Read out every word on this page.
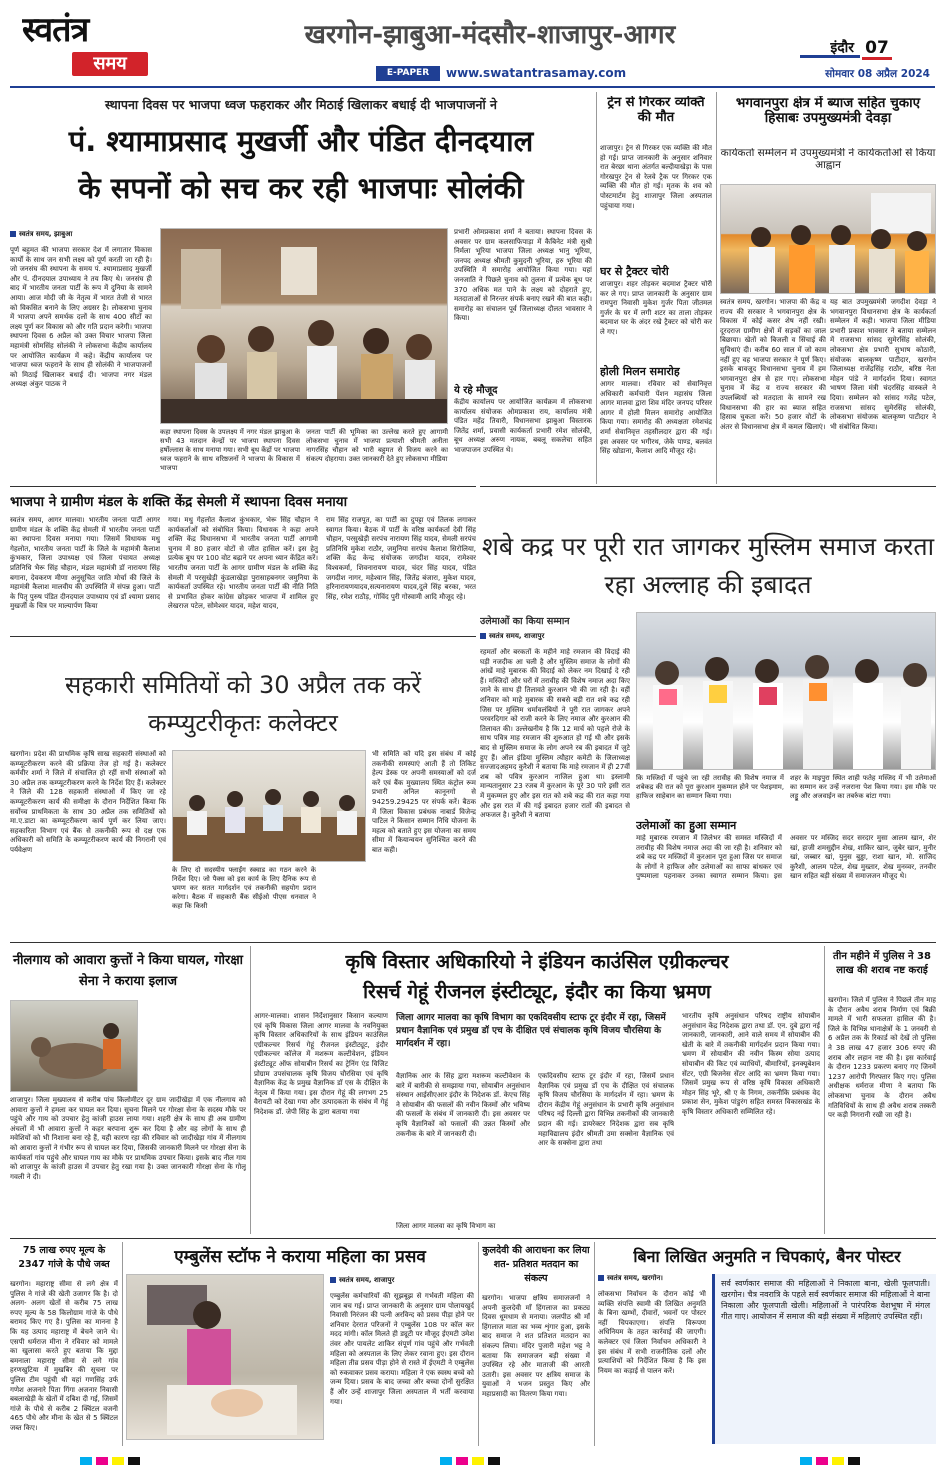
स्वतंत्र
समय
खरगोन-झाबुआ-मंदसौर-शाजापुर-आगर
E-PAPER	www.swatantrasamay.com
इंदौर 07
सोमवार 08 अप्रैल 2024
स्थापना दिवस पर भाजपा ध्वज फहराकर और मिठाई खिलाकर बधाई दी भाजपाजनों ने
पं. श्यामाप्रसाद मुखर्जी और पंडित दीनदयाल
के सपनों को सच कर रही भाजपाः सोलंकी
स्वतंत्र समय, झाबुआ
पूर्ण बहुमत की भाजपा सरकार देश में लगातार विकास कार्यों के साथ जन सभी लक्ष्य को पूर्ण करती जा रही है। जो जनसंघ की स्थापना के समय पं. श्यामाप्रसाद मुखर्जी और पं. दीनदयाल उपाध्याय ने तय किए थे। जनसंघ ही बाद में भारतीय जनता पार्टी के रूप में दुनिया के सामने आया। आज मोदी जी के नेतृत्व में भारत तेजी से भारत को विकसित बनाने के लिए अग्रसर है। लोकसभा चुनाव में भाजपा अपने समर्थक दलों के साथ 400 सीटों का लक्ष्य पूर्ण कर विकास को और गति प्रदान करेगी। भाजपा स्थापना दिवस 6 अप्रैल को उक्त विचार भाजपा जिला महामंत्री सोमसिंह सोलंकी ने लोकसभा केंद्रीय कार्यालय पर आयोजित कार्यक्रम में कहे। केंद्रीय कार्यालय पर भाजपा ध्वज फहराने के साथ ही सोलंकी ने भाजपाजनों को मिठाई खिलाकर बधाई दी। भाजपा नगर मंडल अध्यक्ष अंकुर पाठक ने
कहा स्थापना दिवस के उपलक्ष्य में नगर मंडल झाबुआ के सभी 43 मतदान केन्द्रों पर भाजपा स्थापना दिवस हर्षोल्लास के साथ मनाया गया। सभी बूथ केंद्रों पर भाजपा ध्वज फहराने के साथ वरिष्ठजनों ने भाजपा के विकास में भाजपा
जनता पार्टी की भूमिका का उल्लेख करते हुए आगामी लोकसभा चुनाव में भाजपा प्रत्याशी श्रीमती अनीता नागरसिंह चौहान को भारी बहुमत से विजय करने का संकल्प दोहराया। उक्त जानकारी देते हुए लोकसभा मीडिया
प्रभारी ओमप्रकाश शर्मा ने बताया। स्थापना दिवस के अवसर पर ग्राम कलसाफिपाड़ा में कैबिनेट मंत्री सुश्री निर्मला भूरिया भाजपा जिला अध्यक्ष भानु भूरिया, जनपद अध्यक्ष श्रीमती कुमुदनी भूरिया, हरु भूरिया की उपस्थिति में समारोह आयोजित किया गया। यहां जनजाति ने पिछले चुनाव को तुलना में प्रत्येक बूथ पर 370 अधिक मत पाने के लक्ष्य को दोहराते हुए, मतदाताओं से निरन्तर संपर्क बनाए रखने की बात कही। समारोह का संचालन पूर्व जिलाध्यक्ष दौलत भावसार ने किया।
ये रहे मौजूद
केंद्रीय कार्यालय पर आयोजित कार्यक्रम में लोकसभा कार्यालय संयोजक ओमप्रकाश राय, कार्यालय मंत्री पंडित महेंद्र तिवारी, विधानसभा झाबुआ विस्तारक जितेंद्र शर्मा, प्रवासी कार्यकर्ता प्रभारी रमेश सोलंकी, बूथ अध्यक्ष अरुण नायक, बबलू सकलेचा सहित भाजपाजन उपस्थित थे।
ट्रेन से गिरकर व्यक्ति की मौत
शाजापुर। ट्रेन से गिरकर एक व्यक्ति की मौत हो गई। प्राप्त जानकारी के अनुसार शनिवार रात बेरछा थाना अंतर्गत बल्दीयाखेड़ा के पास गोरखपुर ट्रेन से रेलवे ट्रैक पर गिरकर एक व्यक्ति की मौत हो गई। मृतक के शव को पोस्टमार्टम हेतु शाजापुर जिला अस्पताल पहुंचाया गया।
घर से ट्रैक्टर चोरी
शाजापुर। शहर तोड़कर बदमाश ट्रैक्टर चोरी कर ले गए। प्राप्त जानकारी के अनुसार ग्राम रामपुरा निवासी मुकेश गुर्जर पिता जीतमल गुर्जर के घर में लगी शटर का ताला तोड़कर बदमाश घर के अंदर रखे ट्रैक्टर को चोरी कर ले गए।
होली मिलन समारोह
आगर मालवा। रविवार को सेवानिवृत्त अधिकारी कर्मचारी पेंशन महासंघ जिला आगर मालवा द्वारा शिव मंदिर जनपद परिसर आगर में होली मिलन समारोह आयोजित किया गया। समारोह की अध्यक्षता रमेशचंद्र शर्मा सेवानिवृत्त तहसीलदार द्वारा की गई। इस अवसर पर भगीरथ, जेके पाण्ड, बलवंत सिंह खोडाना, कैलाश आदि मौजूद रहे।
भगवानपुरा क्षेत्र में ब्याज सहित चुकाए हिसाबः उपमुख्यमंत्री देवड़ा
कार्यकर्ता सम्मेलन में उपमुख्यमंत्री ने कार्यकर्ताओं से किया आह्वान
स्वतंत्र समय, खरगोन। भाजपा की केंद्र व राज्य की सरकार ने भगवानपुरा क्षेत्र के विकास में कोई कसर शेष नहीं रखी। दूरदराज ग्रामीण क्षेत्रों में सड़कों का जाल बिछाया। खेतों को बिजली व सिंचाई की सुविधाएं दी। करीब 60 साल में जो काम नहीं हुए वह भाजपा सरकार ने पूर्ण किए। इसके बावजूद विधानसभा चुनाव में हम भगवानपुरा क्षेत्र से हार गए। लोकसभा चुनाव में केंद्र व राज्य सरकार की उपलब्धियों को मतदाता के सामने रख विधानसभा की हार का ब्याज सहित हिसाब चुकता करें। 50 हजार वोटों के अंतर से विधानसभा क्षेत्र में कमल खिलाएं।
यह बात उपमुख्यमंत्री जगदीश देवड़ा ने भगवानपुरा विधानसभा क्षेत्र के कार्यकर्ता सम्मेलन में कही। भाजपा जिला मीडिया प्रभारी प्रकाश भावसार ने बताया सम्मेलन में राजसभा सांसद सुमेरसिंह सोलंकी, लोकसभा क्षेत्र प्रभारी सुभाष कोठारी, संयोजक बालकृष्ण पाटीदार, खरगोन जिलाध्यक्ष राजेंद्रसिंह राठौर, बरिष्ठ नेता मोहन पांडे ने मार्गदर्शन दिया। स्वागत भाषण जिला मंत्री चंदरसिंह वास्कले ने दिया। सम्मेलन को सांसद गजेंद्र पटेल, राजसभा सांसद सुमेरसिंह सोलंकी, लोकसभा संयोजक बालकृष्ण पाटीदार ने भी संबोधित किया।
भाजपा ने ग्रामीण मंडल के शक्ति केंद्र सेमली में स्थापना दिवस मनाया
स्वतंत्र समय, आगर मालवा। भारतीय जनता पार्टी आगर ग्रामीण मंडल के शक्ति केंद्र सेमली में भारतीय जनता पार्टी का स्थापना दिवस मनाया गया। जिसमें विधायक मधु गेहलोत, भारतीय जनता पार्टी के जिले के महामंत्री कैलाश कुंभकार, जिला उपाध्यक्ष एवं जिला पंचायत अध्यक्ष प्रतिनिधि भैरू सिंह चौहान, मंडल महामंत्री डॉ नारायण सिंह बगाना, देवकरण मीणा अनुसूचित जाति मोर्चा की जिले के महामंत्री कैलाश मालवीय की उपस्थिति में संपन्न हुआ। पार्टी के पितृ पुरुष पंडित दीनदयाल उपाध्याय एवं डॉ श्यामा प्रसाद मुखर्जी के चित्र पर माल्यार्पण किया
गया। मधु गेहलोत कैलाश कुंभकार, भेरू सिंह चौहान ने कार्यकर्ताओं को संबोधित किया। विधायक ने कहा अपने शक्ति केंद्र विधानसभा में भारतीय जनता पार्टी आगामी चुनाव में 80 हजार वोटों से जीत हासिल करें। इस हेतु प्रत्येक बूथ पर 100 वोट बढ़ाने पर अपना ध्यान केंद्रित करें। भारतीय जनता पार्टी के आगर ग्रामीण मंडल के शक्ति केंद्र सेमली में परसुखेड़ी कुंडलाखेड़ा पुरासाहबनगर जमुनिया के कार्यकर्ता उपस्थित रहे। भारतीय जनता पार्टी की नीति निति से प्रभावित होकर कांग्रेस छोड़कर भाजपा में शामिल हुए लेखराज पटेल, सोमेश्वर यादव, महेश यादव,
राम सिंह राजपूत, का पार्टी का दुपट्टा एवं तिलक लगाकर स्वागत किया। बैठक में पार्टी के वरिष्ठ कार्यकर्ता देवी सिंह चौहान, परसुखेड़ी सरपंच नारायण सिंह यादव, सेमली सरपंच प्रतिनिधि मुकेश राठौर, जमुनिया सरपंच कैलाश सिरोलिया, शक्ति केंद्र केन्द्र संयोजक जगदीश यादव, रामेश्वर विश्वकर्मा, शिवनारायण यादव, चंदर सिंह यादव, पंडित जगदीश नागर, महेश्वान सिंह, जितेंद्र बंजारा, मुकेश यादव, हरिनारायणयादव,सत्यनारायण यादव,दुले सिंह बरका, भरत सिंह, रमेश राठौड़, गोविंद पुरी गोस्वामी आदि मौजूद रहे।
शबे कद्र पर पूरी रात जागकर मुस्लिम समाज करता रहा अल्लाह की इबादत
उलेमाओं का किया सम्मान
स्वतंत्र समय, शाजापुर
रहमतों और बरकतों के महीने माहे रमजान की विदाई की घड़ी नजदीक आ चली है और मुस्लिम समाज के लोगों की आंखें माहे मुबारक की विदाई को लेकर नम दिखाई दे रही हैं। मस्जिदों और घरों में तरावीह की विशेष नमाज अदा किए जाने के साथ ही तिलावते कुरआन भी की जा रही है। वहीं शनिवार को माहे मुबारक की सबसे बड़ी रात शबे कद्र रही जिस पर मुस्लिम धर्मावलंबियों ने पूरी रात जागकर अपने परवरदिगार को राजी करने के लिए नमाज और कुरआन की तिलावत की। उल्लेखनीय है कि 12 मार्च को पहले रोजे के साथ पवित्र माह रमजान की शुरुआत हो गई थी और इसके बाद से मुस्लिम समाज के लोग अपने रब की इबादत में जुटे हुए हैं। ऑल इंडिया मुस्लिम त्यौहार कमेटी के जिलाध्यक्ष सज्जादअहमद कुरैशी ने बताया कि माहे रमजान में ही 27वीं शब को पवित्र कुरआन नाजिल हुआ था। इस्लामी मान्यतानुसार 23 रजब में कुरआन के पूरे 30 पारे इसी रात में मुकम्मल हुए और इस रात को शबे कद्र की रात कहा गया और इस रात में की गई इबादत हजार रातों की इबादत से अफजल है। कुरैशी ने बताया
कि मस्जिदों में पहुंचे जा रही तरावीह की विशेष नमाज में शबेकद्र की रात को पूरा कुरआन मुकम्मल होने पर पेशइमाम, हाफिज साहेबान का सम्मान किया गया।
शहर के माइपुरा स्थित शाही फतेह मस्जिद में भी उलेमाओं का सम्मान कर उन्हें नजराना पेश किया गया। इस मौके पर लड्डू और अजवाईन का तबर्रुक बांटा गया।
उलेमाओं का हुआ सम्मान
माहे मुबारक रमजान में जिलेभर की समस्त मस्जिदों में तरावीह की विशेष नमाज अदा की जा रही है। शनिवार को शबे कद्र पर मस्जिदों में कुरआन पूरा हुआ जिस पर समाज के लोगों ने हाफिज और उलेमाओं का साफा बांधकर एवं पुष्पमाला पहनाकर उनका स्वागत सम्मान किया। इस अवसर पर मस्जिद सदर सरदार मुसा आलम खान, शेर खां, हाजी शमसुद्दीन शेख, शाकिर खान, जुबेर खान, मुनीर खां, जब्बार खां, युनुस बुड्ढा, राशा खान, मो. साजिद कुरैशी, आलम पटेल, शेख मुख्तार, शेख मुनव्वर, तनवीर खान सहित बड़ी संख्या में समाजजन मौजूद थे।
सहकारी समितियों को 30 अप्रैल तक करें कम्प्युटरीकृतः कलेक्टर
खरगोन। प्रदेश की प्राथमिक कृषि साख सहकारी संस्थाओं को कम्प्यूटरीकरण करने की प्रक्रिया तेज हो गई है। कलेक्टर कर्मवीर शर्मा ने जिले में संचालित हो रहीं सभी संस्थाओं को 30 अप्रैल तक कम्प्यूटरीकरण करने के निर्देश दिए हैं। कलेक्टर ने जिले की 128 सहकारी संस्थाओं में किए जा रहे कम्प्यूटरीकरण कार्य की समीक्षा के दौरान निर्देशित किया कि सर्वोच्च प्राथमिकता के साथ 30 अप्रैल तक समितियों को मा.ए.डाटा का कम्प्यूटरीकरण कार्य पूर्ण कर लिया जाए। सहकारिता विभाग एवं बैंक से तकनीकी रूप से दक्ष एक अधिकारी को समिति के कम्प्यूटरीकरण कार्य की निगरानी एवं पर्यवेक्षण
के लिए दो सदस्यीय फ्लाईंग स्क्वाड का गठन करने के निर्देश दिए। जो पैक्स को इस कार्य के लिए दैनिक रूप से भ्रमण कर सतत मार्गदर्शन एवं तकनीकी सहयोग प्रदान करेगा। बैठक में सहकारी बैंक सीईओ पीएस धनवाल ने कहा कि किसी
भी समिति को यदि इस संबंध में कोई तकनीकी समस्याएं आती हैं तो तिकिट हेल्प डेस्क पर अपनी समस्याओं को दर्ज करें एवं बैंक मुख्यालय स्थित कंट्रोल रूम प्रभारी अनिल कानूनगो से 94259.29425 पर संपर्क करें। बैठक में जिला विकास प्रबंधक नाबार्ड विजेन्द्र पाटिल ने किसान सम्मान निधि योजना के महत्व को बताते हुए इस योजना का समय सीमा में कियान्वयन सुनिश्चित करने की बात कही।
नीलगाय को आवारा कुत्तों ने किया घायल, गोरक्षा सेना ने कराया इलाज
शाजापुर। जिला मुख्यालय से करीब पांच किलोमीटर दूर ग्राम जादीखेड़ा में एक नीलगाय को आवारा कुत्तों ने हमला कर घायल कर दिया। सूचना मिलने पर गोरक्षा सेना के सदस्य मौके पर पहुंचे और गाय को उपचार हेतु कांजी हाउस लाया गया। शहरी क्षेत्र के साथ ही अब ग्रामीण अंचलों में भी आवारा कुत्तों ने कहर बरपाना शुरू कर दिया है और वह लोगों के साथ ही मवेशियों को भी निशाना बना रहे हैं, यही कारण रहा की रविवार को जादीखेड़ा गांव में नीलगाय को आवारा कुत्तों ने गंभीर रूप से घायल कर दिया, जिसकी जानकारी मिलने पर गोरक्षा सेना के कार्यकर्ता गांव पहुंचे और घायल गाय का मौके पर प्राथमिक उपचार किया। इसके बाद नील गाय को शाजापुर के कांजी हाउस में उपचार हेतु रखा गया है। उक्त जानकारी गोरक्षा सेना के गोलू गवली ने दी।
कृषि विस्तार अधिकारियो ने इंडियन काउंसिल एग्रीकल्चर
रिसर्च गेहूं रीजनल इंस्टीट्यूट, इंदौर का किया भ्रमण
आगर-मालवा। शासन निर्देशानुसार किसान कल्याण एवं कृषि विकास जिला आगर मालवा के नवनियुक्त कृषि विस्तार अधिकारियों के साथ इंडियन काउंसिल एग्रीकल्चर रिसर्च गेहूं रीजनल इंस्टीट्यूट, इंदौर एग्रीकल्चर कॉलेज में मशरूम कल्टीवेशन, इंडियन इंस्टीट्यूट ऑफ सोयाबीन रिसर्च का ट्रेनिंग एंड विजिट प्रोग्राम उपसंचालक कृषि विजय चौरसिया एवं कृषि वैज्ञानिक केंद्र के प्रमुख वैज्ञानिक डॉ एस के दीक्षित के नेतृत्व में किया गया। इस दौरान गेहूं की लगभग 25 वैरायटी को देखा गया और उत्पादकता के संबंध में गेहूं निदेशक डॉ. जेपी सिंह के द्वारा बताया गया
जिला आगर मालवा का कृषि विभाग का एकदिवसीय स्टाफ टूर इंदौर में रहा, जिसमें प्रधान वैज्ञानिक एवं प्रमुख डॉ एच के दीक्षित एवं संचालक कृषि विजय चौरसिया के मार्गदर्शन में रहा।
वैज्ञानिक आर के सिंह द्वारा मशरूम कल्टीवेशन के बारे में बारीकी से समझाया गया, सोयाबीन अनुसंधान संस्थान आईसीएआर इंदौर के निदेशक डॉ. केएच सिंह ने सोयाबीन की फसलों की नवीन किस्मों और भविष्य की फसलों के संबंध में जानकारी दी। इस अवसर पर कृषि वैज्ञानिकों को फसलों की उन्नत किस्मों और तकनीक के बारे में जानकारी दी।
जिला आगर मालवा का कृषि विभाग का
एकदिवसीय स्टाफ टूर इंदौर में रहा, जिसमें प्रधान वैज्ञानिक एवं प्रमुख डॉ एच के दीक्षित एवं संचालक कृषि विजय चौरसिया के मार्गदर्शन में रहा। भ्रमण के दौरान केंद्रीय गेहूं अनुसंधान के प्रभारी कृषि अनुसंधान परिषद नई दिल्ली द्वारा विभिन्न तकनीकों की जानकारी प्रदान की गई। डायरेक्टर निदेशक द्वारा सब कृषि महाविद्यालय इंदौर श्रीमती उमा सक्सेना वैज्ञानिक एवं आर के सक्सेना द्वारा तथा
भारतीय कृषि अनुसंधान परिषद राष्ट्रीय सोयाबीन अनुसंधान केंद्र निदेशक द्वारा तथा डॉ. एन. दुबे द्वारा नई जानकारी, जानकारी, आने वाले समय में सोयाबीन की खेती के बारे में तकनीकी मार्गदर्शन प्रदान किया गया। भ्रमण में सोयाबीन की नवीन किस्म सोया उत्पाद सोयाबीन की किट एवं व्याधियों, बीमारियों, इनक्यूबेशन सेंटर, एग्री बिजनेस सेंटर आदि का भ्रमण किया गया। जिसमें प्रमुख रूप से वरिष्ठ कृषि विकास अधिकारी मोहन सिंह भूरे, श्री ए के निगम, तकनीकि प्रबंधक वेद प्रकाश सेन, मुकेश पांडुरंग सहित समस्त विकासखंड के कृषि विस्तार अधिकारी सम्मिलित रहे।
तीन महीने में पुलिस ने 38 लाख की शराब नष्ट कराई
खरगोन। जिले में पुलिस ने पिछले तीन माह के दौरान अवैध शराब निर्माण एवं बिक्री मामले में भारी सफलता हासिल की है। जिले के विभिन्न थानाक्षेत्रों के 1 जनवरी से 6 अप्रैल तक के रिकार्ड को देखें तो पुलिस ने 38 लाख 47 हजार 306 रुपए की शराब और लहान नष्ट की है। इस कार्रवाई के दौरान 1233 प्रकरण बनाए गए जिनमें 1237 आरोपी गिरफ्तार किए गए। पुलिस अधीक्षक धर्मराज मीणा ने बताया कि लोकसभा चुनाव के दौरान अवैध गतिविधियों के साथ ही अवैध शराब तस्करी पर कड़ी निगरानी रखी जा रही है।
75 लाख रुपए मूल्य के 2347 गांजे के पौधे जब्त
खरगोन। महाराष्ट्र सीमा से लगे क्षेत्र में पुलिस ने गांजे की खेती उजागर कि है। दो अलग- अलग खेतों से करीब 75 लाख रुपए मूल्य के 58 किलोग्राम गांजे के पौधे बरामद किए गए है। पुलिस का मानना है कि यह उत्पाद महाराष्ट्र में बेचने जाने थे। एसपी धर्मराज मीना ने रविवार को मामले का खुलासा करते हुए बताया कि मुद्दा बमनाला महाराष्ट्र सीमा से लगे गांव हरणखुटिया में मुखबिर की सूचना पर पुलिस टीम पहुंची थी यहां गणसिंह उर्फ गणेश अजनारे पिता गिंगा अजनार निवासी बबलाखेड़ी के खेतों में दबिश दी गई, जिसमें गांजे के पौधे से करीब 2 क्विंटल वजनी 465 पौधे और मीना के खेत से 5 क्विंटल जब्त किए।
एम्बुलेंस स्टॉफ ने कराया महिला का प्रसव
स्वतंत्र समय, शाजापुर
एम्बुलेंस कर्मचारियों की सूझबूझ से गर्भवती महिला की जान बच गई। प्राप्त जानकारी के अनुसार ग्राम पोलायखुर्द निवासी निरंजन की पत्नी अरविन्द को प्रसव पीड़ा होने पर शनिवार देररात परिजनों ने एम्बुलेंस 108 पर कॉल कर मदद मांगी। कॉल मिलते ही ड्यूटी पर मौजूद ईएमटी उमेश तंवर और पायलेट शाकिर संपूर्ण गांव पहुंचे और गर्भवती महिला को अस्पताल के लिए लेकर रवाना हुए। इस दौरान महिला तीव्र प्रसव पीड़ा होने से रास्ते में ईएमटी ने एम्बुलेंस को रुकवाकर प्रसव कराया। महिला ने एक स्वस्थ बच्चे को जन्म दिया। प्रसव के बाद जच्चा और बच्चा दोनों सुरक्षित हैं और उन्हें शाजापुर जिला अस्पताल में भर्ती करवाया गया।
कुलदेवी की आराधना कर लिया शत- प्रतिशत मतदान का संकल्प
खरगोन। भाजपा क्षत्रिय समाजजनों ने अपनी कुलदेवी माँ हिंगलाज का प्रकट्य दिवस धूमधाम से मनाया। जलपीठ श्री माँ हिंगलाज माता का भव्य शृंगार हुआ, इसके बाद समाज ने शत प्रतिशत मतदान का संकल्प लिया। मंदिर पुजारी महेश भट्ट ने बताया कि समाजजन बड़ी संख्या में उपस्थित रहे और माताजी की आरती उतारी। इस अवसर पर क्षत्रिय समाज के युवाओं ने भजन प्रस्तुत किए और महाप्रसादी का वितरण किया गया।
बिना लिखित अनुमति न चिपकाएं, बैनर पोस्टर
स्वतंत्र समय, खरगोन।
लोकसभा निर्वाचन के दौरान कोई भी व्यक्ति संपत्ति स्वामी की लिखित अनुमति के बिना खम्भों, दीवारों, भवनों पर पोस्टर नहीं चिपकाएगा। संपत्ति विरूपण अधिनियम के तहत कार्रवाई की जाएगी। कलेक्टर एवं जिला निर्वाचन अधिकारी ने इस संबंध में सभी राजनीतिक दलों और प्रत्याशियों को निर्देशित किया है कि इस नियम का कड़ाई से पालन करें।
सर्व स्वर्णकार समाज की महिलाओं ने निकाला बाना, खेली फूलपाती। खरगोन। चैत्र नवरात्रि के पहले सर्व स्वर्णकार समाज की महिलाओं ने बाना निकाला और फूलपाती खेली। महिलाओं ने पारंपरिक वेशभूषा में मंगल गीत गाए। आयोजन में समाज की बड़ी संख्या में महिलाएं उपस्थित रहीं।
